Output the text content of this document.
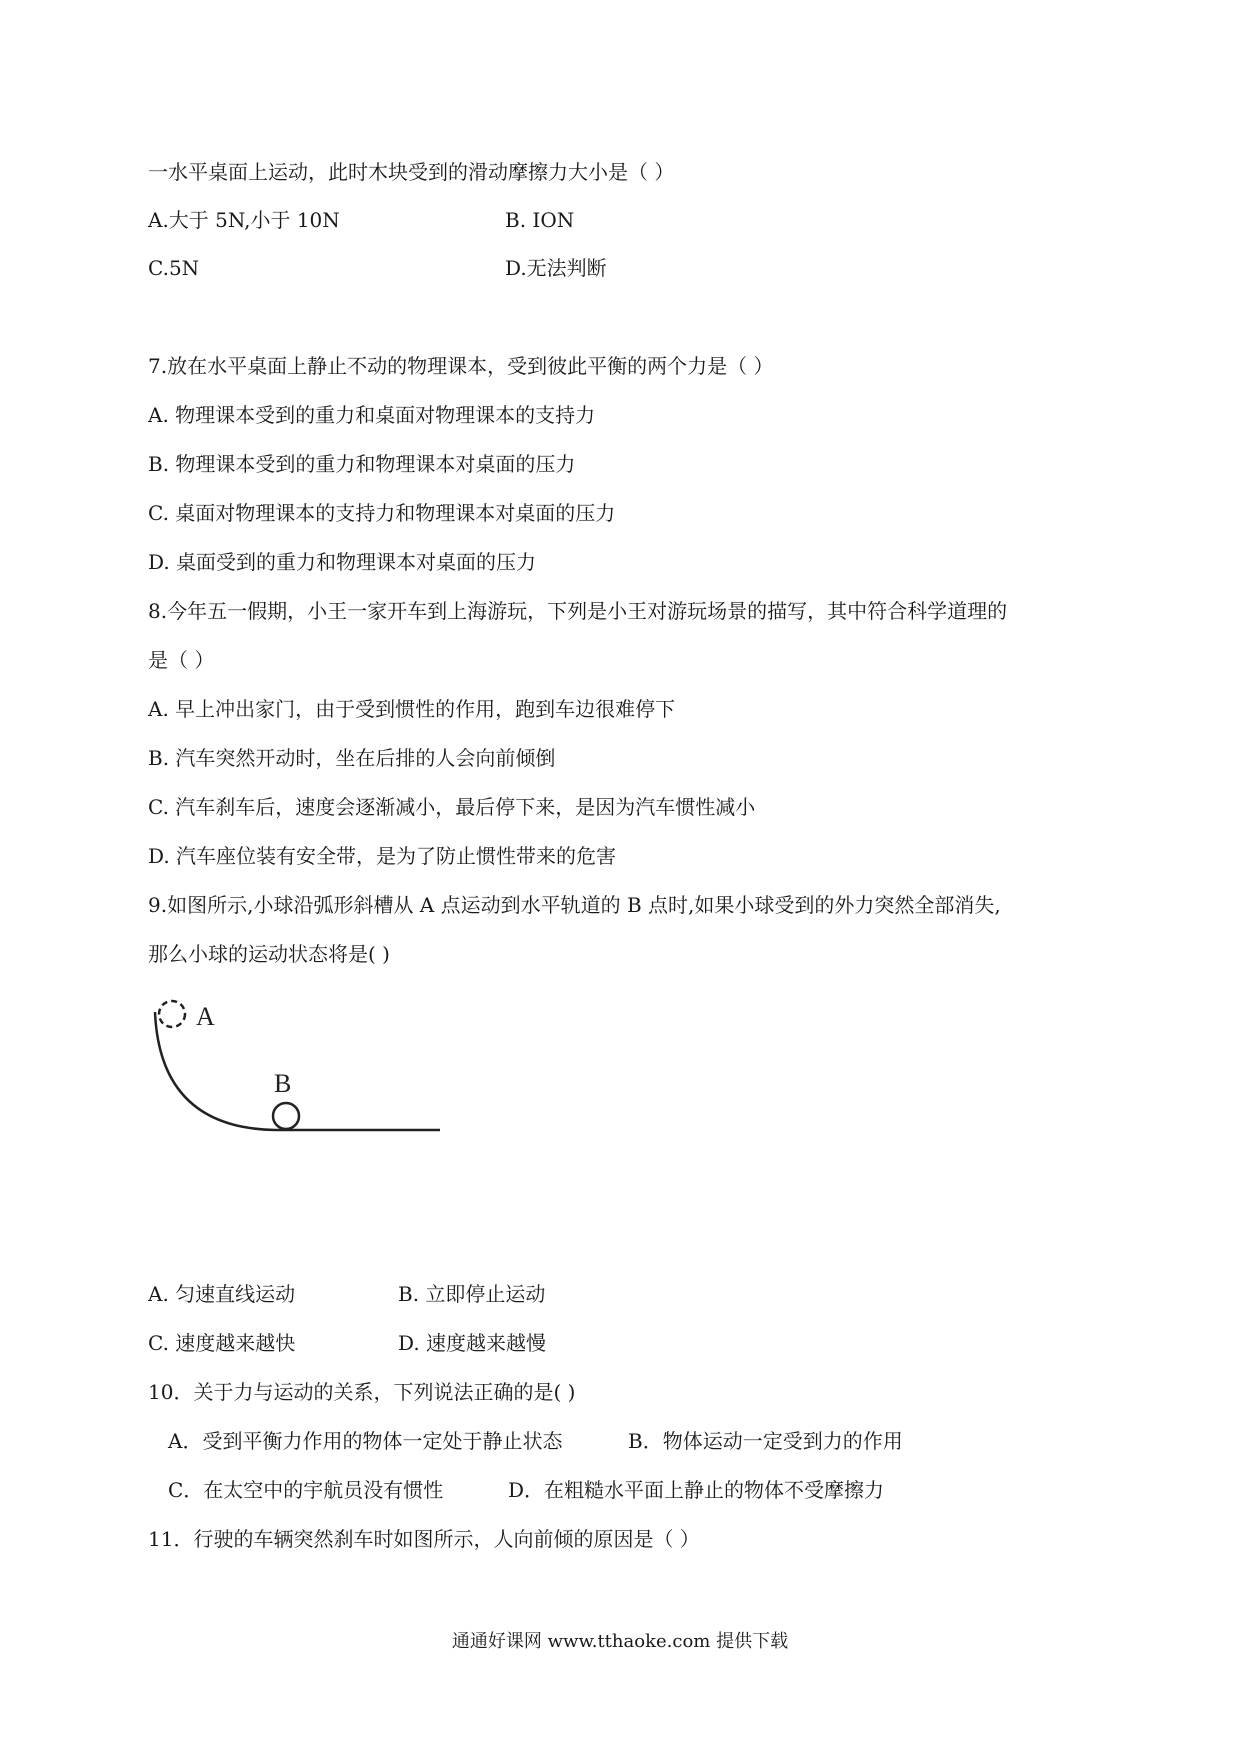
一水平桌面上运动，此时木块受到的滑动摩擦力大小是（ ）
A.大于 5N,小于 10N	B. ION
C.5N	D.无法判断
7.放在水平桌面上静止不动的物理课本，受到彼此平衡的两个力是（ ）
A. 物理课本受到的重力和桌面对物理课本的支持力
B. 物理课本受到的重力和物理课本对桌面的压力
C. 桌面对物理课本的支持力和物理课本对桌面的压力
D. 桌面受到的重力和物理课本对桌面的压力
8.今年五一假期，小王一家开车到上海游玩，下列是小王对游玩场景的描写，其中符合科学道理的
是（ ）
A. 早上冲出家门，由于受到惯性的作用，跑到车边很难停下
B. 汽车突然开动时，坐在后排的人会向前倾倒
C. 汽车刹车后，速度会逐渐减小，最后停下来，是因为汽车惯性减小
D. 汽车座位装有安全带，是为了防止惯性带来的危害
9.如图所示,小球沿弧形斜槽从 A 点运动到水平轨道的 B 点时,如果小球受到的外力突然全部消失,
那么小球的运动状态将是( )
A
B
A. 匀速直线运动	B. 立即停止运动
C. 速度越来越快	D. 速度越来越慢
10．关于力与运动的关系，下列说法正确的是( )
A．受到平衡力作用的物体一定处于静止状态	B．物体运动一定受到力的作用
C．在太空中的宇航员没有惯性	D．在粗糙水平面上静止的物体不受摩擦力
11．行驶的车辆突然刹车时如图所示，人向前倾的原因是（ ）
通通好课网 www.tthaoke.com 提供下载
